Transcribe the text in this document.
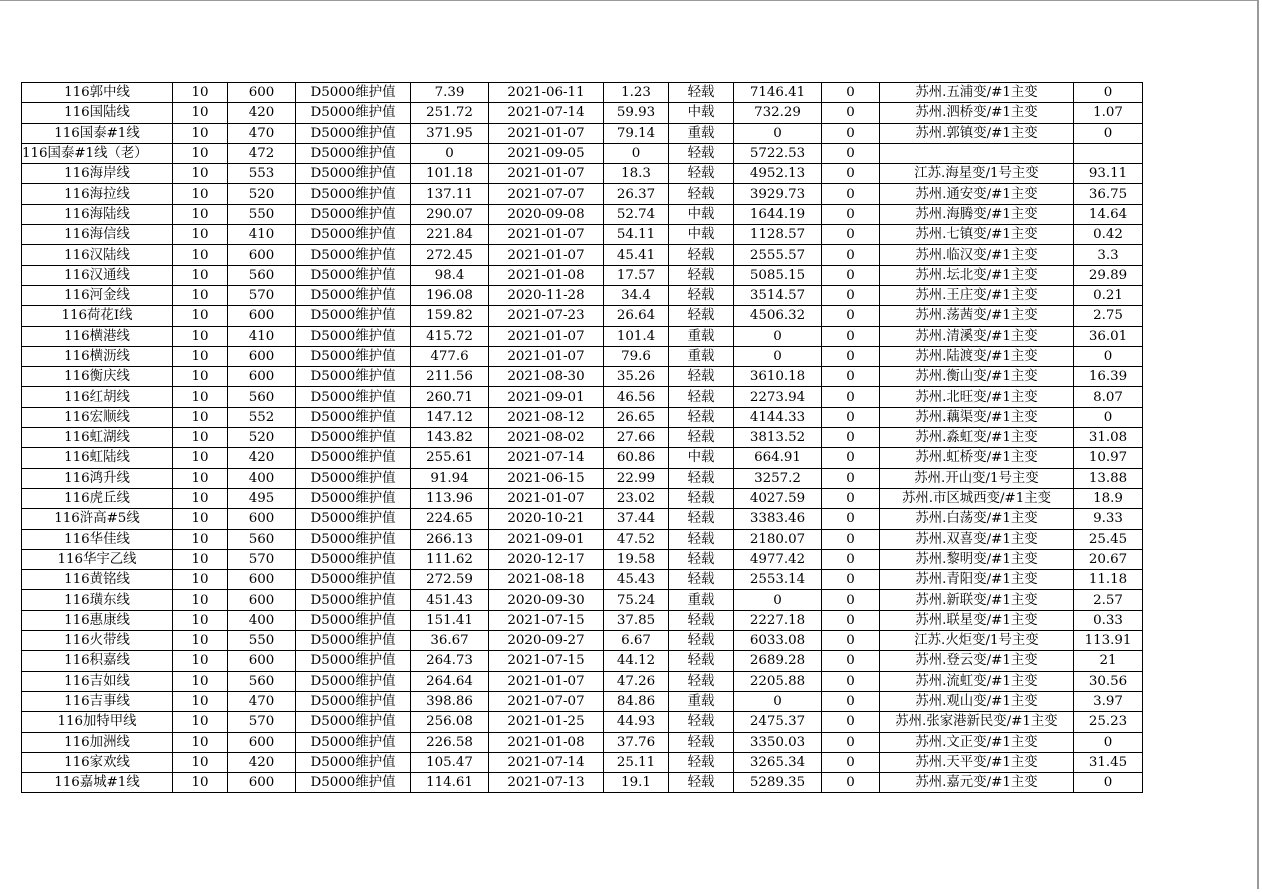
116郭中线	10	600	D5000维护值	7.39	2021-06-11	1.23	轻载	7146.41	0	苏州.五浦变/#1主变	0
116国陆线	10	420	D5000维护值	251.72	2021-07-14	59.93	中载	732.29	0	苏州.泗桥变/#1主变	1.07
116国泰#1线	10	470	D5000维护值	371.95	2021-01-07	79.14	重载	0	0	苏州.郭镇变/#1主变	0
116国泰#1线（老）	10	472	D5000维护值	0	2021-09-05	0	轻载	5722.53	0		
116海岸线	10	553	D5000维护值	101.18	2021-01-07	18.3	轻载	4952.13	0	江苏.海星变/1号主变	93.11
116海拉线	10	520	D5000维护值	137.11	2021-07-07	26.37	轻载	3929.73	0	苏州.通安变/#1主变	36.75
116海陆线	10	550	D5000维护值	290.07	2020-09-08	52.74	中载	1644.19	0	苏州.海腾变/#1主变	14.64
116海信线	10	410	D5000维护值	221.84	2021-01-07	54.11	中载	1128.57	0	苏州.七镇变/#1主变	0.42
116汉陆线	10	600	D5000维护值	272.45	2021-01-07	45.41	轻载	2555.57	0	苏州.临汉变/#1主变	3.3
116汉通线	10	560	D5000维护值	98.4	2021-01-08	17.57	轻载	5085.15	0	苏州.坛北变/#1主变	29.89
116河金线	10	570	D5000维护值	196.08	2020-11-28	34.4	轻载	3514.57	0	苏州.王庄变/#1主变	0.21
116荷花Ⅰ线	10	600	D5000维护值	159.82	2021-07-23	26.64	轻载	4506.32	0	苏州.荡茜变/#1主变	2.75
116横港线	10	410	D5000维护值	415.72	2021-01-07	101.4	重载	0	0	苏州.清溪变/#1主变	36.01
116横沥线	10	600	D5000维护值	477.6	2021-01-07	79.6	重载	0	0	苏州.陆渡变/#1主变	0
116衡庆线	10	600	D5000维护值	211.56	2021-08-30	35.26	轻载	3610.18	0	苏州.衡山变/#1主变	16.39
116红胡线	10	560	D5000维护值	260.71	2021-09-01	46.56	轻载	2273.94	0	苏州.北旺变/#1主变	8.07
116宏顺线	10	552	D5000维护值	147.12	2021-08-12	26.65	轻载	4144.33	0	苏州.藕渠变/#1主变	0
116虹湖线	10	520	D5000维护值	143.82	2021-08-02	27.66	轻载	3813.52	0	苏州.淼虹变/#1主变	31.08
116虹陆线	10	420	D5000维护值	255.61	2021-07-14	60.86	中载	664.91	0	苏州.虹桥变/#1主变	10.97
116鸿升线	10	400	D5000维护值	91.94	2021-06-15	22.99	轻载	3257.2	0	苏州.开山变/1号主变	13.88
116虎丘线	10	495	D5000维护值	113.96	2021-01-07	23.02	轻载	4027.59	0	苏州.市区城西变/#1主变	18.9
116浒高#5线	10	600	D5000维护值	224.65	2020-10-21	37.44	轻载	3383.46	0	苏州.白荡变/#1主变	9.33
116华佳线	10	560	D5000维护值	266.13	2021-09-01	47.52	轻载	2180.07	0	苏州.双喜变/#1主变	25.45
116华宇乙线	10	570	D5000维护值	111.62	2020-12-17	19.58	轻载	4977.42	0	苏州.黎明变/#1主变	20.67
116黄铭线	10	600	D5000维护值	272.59	2021-08-18	45.43	轻载	2553.14	0	苏州.青阳变/#1主变	11.18
116璜东线	10	600	D5000维护值	451.43	2020-09-30	75.24	重载	0	0	苏州.新联变/#1主变	2.57
116惠康线	10	400	D5000维护值	151.41	2021-07-15	37.85	轻载	2227.18	0	苏州.联星变/#1主变	0.33
116火带线	10	550	D5000维护值	36.67	2020-09-27	6.67	轻载	6033.08	0	江苏.火炬变/1号主变	113.91
116积嘉线	10	600	D5000维护值	264.73	2021-07-15	44.12	轻载	2689.28	0	苏州.登云变/#1主变	21
116吉如线	10	560	D5000维护值	264.64	2021-01-07	47.26	轻载	2205.88	0	苏州.流虹变/#1主变	30.56
116吉事线	10	470	D5000维护值	398.86	2021-07-07	84.86	重载	0	0	苏州.观山变/#1主变	3.97
116加特甲线	10	570	D5000维护值	256.08	2021-01-25	44.93	轻载	2475.37	0	苏州.张家港新民变/#1主变	25.23
116加洲线	10	600	D5000维护值	226.58	2021-01-08	37.76	轻载	3350.03	0	苏州.文正变/#1主变	0
116家欢线	10	420	D5000维护值	105.47	2021-07-14	25.11	轻载	3265.34	0	苏州.天平变/#1主变	31.45
116嘉城#1线	10	600	D5000维护值	114.61	2021-07-13	19.1	轻载	5289.35	0	苏州.嘉元变/#1主变	0
